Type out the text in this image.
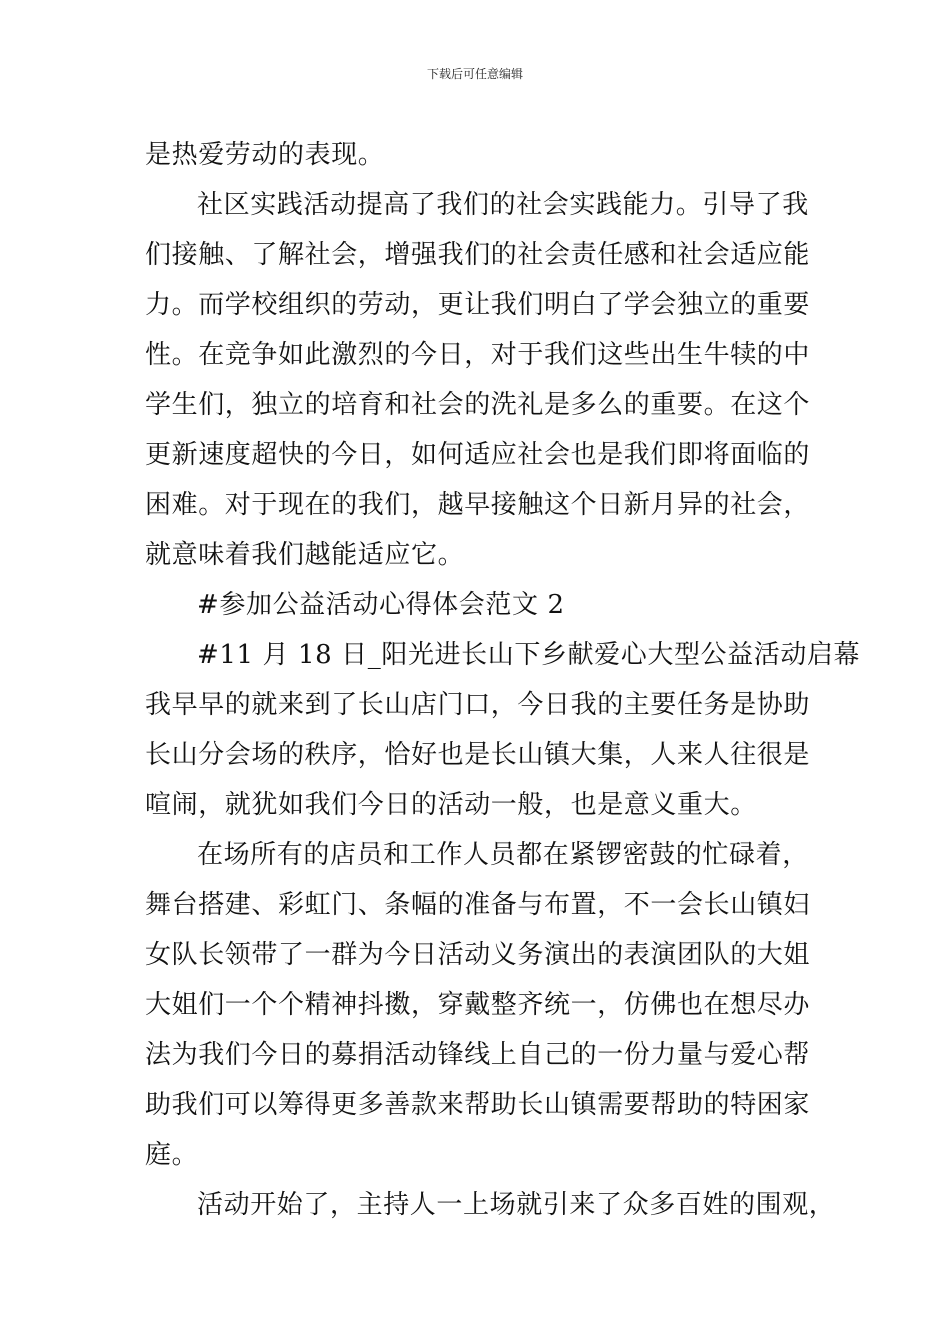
下载后可任意编辑

是热爱劳动的表现。

社区实践活动提高了我们的社会实践能力。引导了我
们接触、了解社会，增强我们的社会责任感和社会适应能
力。而学校组织的劳动，更让我们明白了学会独立的重要
性。在竞争如此激烈的今日，对于我们这些出生牛犊的中
学生们，独立的培育和社会的洗礼是多么的重要。在这个
更新速度超快的今日，如何适应社会也是我们即将面临的
困难。对于现在的我们，越早接触这个日新月异的社会，
就意味着我们越能适应它。

#参加公益活动心得体会范文 2

#11 月 18 日_阳光进长山下乡献爱心大型公益活动启幕
我早早的就来到了长山店门口，今日我的主要任务是协助
长山分会场的秩序，恰好也是长山镇大集，人来人往很是
喧闹，就犹如我们今日的活动一般，也是意义重大。

在场所有的店员和工作人员都在紧锣密鼓的忙碌着，
舞台搭建、彩虹门、条幅的准备与布置，不一会长山镇妇
女队长领带了一群为今日活动义务演出的表演团队的大姐
大姐们一个个精神抖擞，穿戴整齐统一，仿佛也在想尽办
法为我们今日的募捐活动锋线上自己的一份力量与爱心帮
助我们可以筹得更多善款来帮助长山镇需要帮助的特困家
庭。

活动开始了，主持人一上场就引来了众多百姓的围观，
